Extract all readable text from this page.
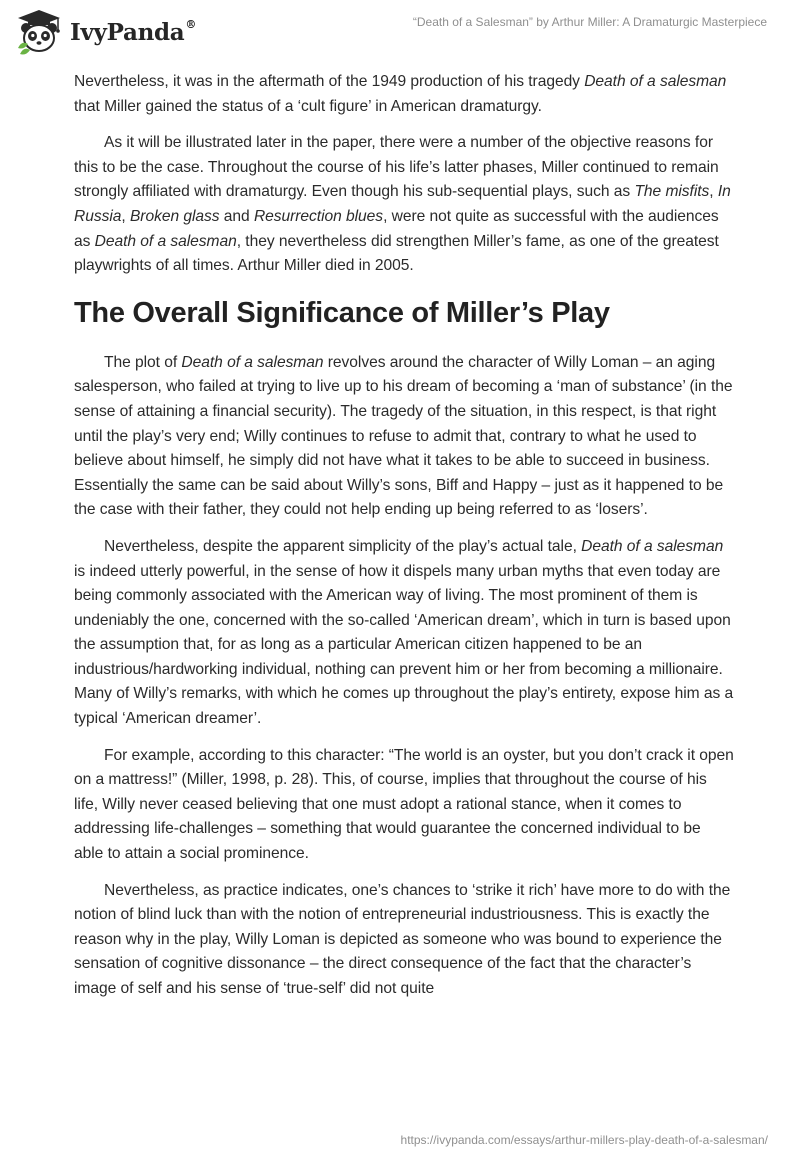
IvyPanda®	“Death of a Salesman” by Arthur Miller: A Dramaturgic Masterpiece

Nevertheless, it was in the aftermath of the 1949 production of his tragedy Death of a salesman that Miller gained the status of a ‘cult figure’ in American dramaturgy.

As it will be illustrated later in the paper, there were a number of the objective reasons for this to be the case. Throughout the course of his life’s latter phases, Miller continued to remain strongly affiliated with dramaturgy. Even though his sub-sequential plays, such as The misfits, In Russia, Broken glass and Resurrection blues, were not quite as successful with the audiences as Death of a salesman, they nevertheless did strengthen Miller’s fame, as one of the greatest playwrights of all times. Arthur Miller died in 2005.

The Overall Significance of Miller’s Play

The plot of Death of a salesman revolves around the character of Willy Loman – an aging salesperson, who failed at trying to live up to his dream of becoming a ‘man of substance’ (in the sense of attaining a financial security). The tragedy of the situation, in this respect, is that right until the play’s very end; Willy continues to refuse to admit that, contrary to what he used to believe about himself, he simply did not have what it takes to be able to succeed in business. Essentially the same can be said about Willy’s sons, Biff and Happy – just as it happened to be the case with their father, they could not help ending up being referred to as ‘losers’.

Nevertheless, despite the apparent simplicity of the play’s actual tale, Death of a salesman is indeed utterly powerful, in the sense of how it dispels many urban myths that even today are being commonly associated with the American way of living. The most prominent of them is undeniably the one, concerned with the so-called ‘American dream’, which in turn is based upon the assumption that, for as long as a particular American citizen happened to be an industrious/hardworking individual, nothing can prevent him or her from becoming a millionaire. Many of Willy’s remarks, with which he comes up throughout the play’s entirety, expose him as a typical ‘American dreamer’.

For example, according to this character: “The world is an oyster, but you don’t crack it open on a mattress!” (Miller, 1998, p. 28). This, of course, implies that throughout the course of his life, Willy never ceased believing that one must adopt a rational stance, when it comes to addressing life-challenges – something that would guarantee the concerned individual to be able to attain a social prominence.

Nevertheless, as practice indicates, one’s chances to ‘strike it rich’ have more to do with the notion of blind luck than with the notion of entrepreneurial industriousness. This is exactly the reason why in the play, Willy Loman is depicted as someone who was bound to experience the sensation of cognitive dissonance – the direct consequence of the fact that the character’s image of self and his sense of ‘true-self’ did not quite

https://ivypanda.com/essays/arthur-millers-play-death-of-a-salesman/
